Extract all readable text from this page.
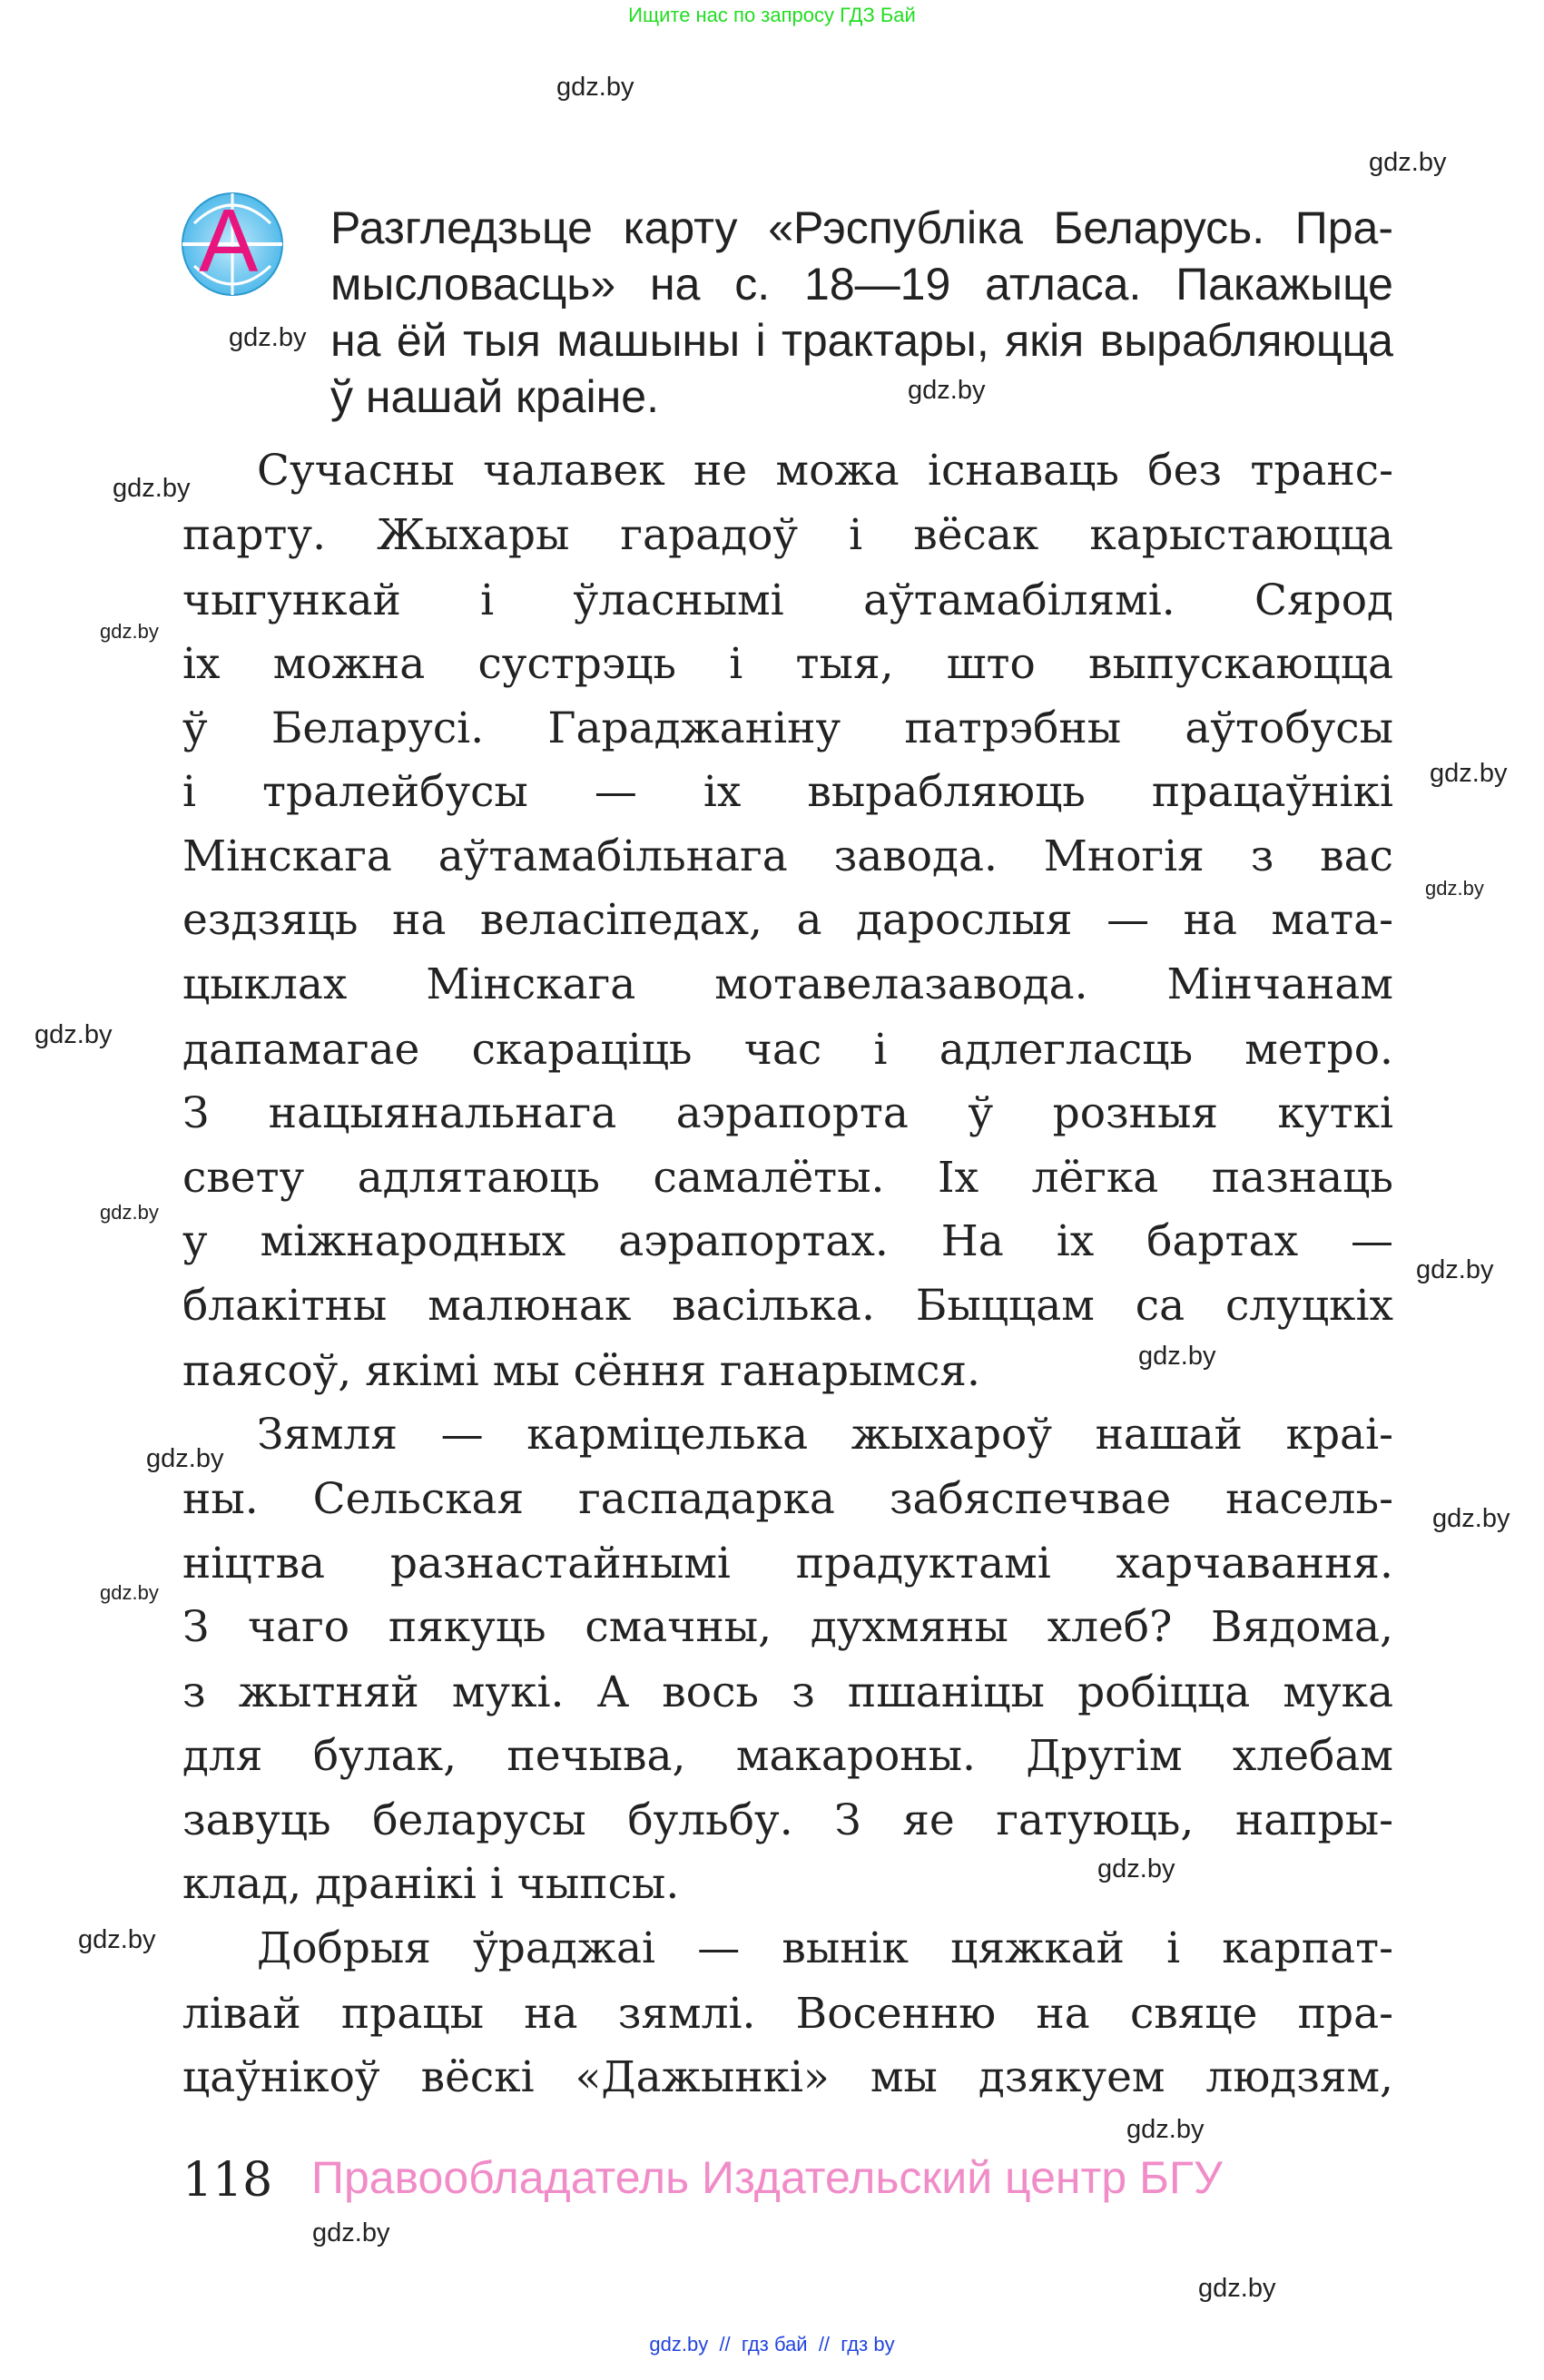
Ищите нас по запросу ГДЗ Бай
А Разгледзьце карту «Рэспубліка Беларусь. Пра-
мысловасць» на с. 18—19 атласа. Пакажыце
на ёй тыя машыны і трактары, якія вырабляюцца
ў нашай краіне.
Сучасны чалавек не можа існаваць без транс-
парту. Жыхары гарадоў і вёсак карыстаюцца
чыгункай і ўласнымі аўтамабілямі. Сярод
іх можна сустрэць і тыя, што выпускаюцца
ў Беларусі. Гараджаніну патрэбны аўтобусы
і тралейбусы — іх вырабляюць працаўнікі
Мінскага аўтамабільнага завода. Многія з вас
ездзяць на веласіпедах, а дарослыя — на мата-
цыклах Мінскага мотавелазавода. Мінчанам
дапамагае скараціць час і адлегласць метро.
З нацыянальнага аэрапорта ў розныя куткі
свету адлятаюць самалёты. Іх лёгка пазнаць
у міжнародных аэрапортах. На іх бартах —
блакітны малюнак васілька. Быццам са слуцкіх
паясоў, якімі мы сёння ганарымся.
Зямля — карміцелька жыхароў нашай краі-
ны. Сельская гаспадарка забяспечвае насель-
ніцтва разнастайнымі прадуктамі харчавання.
З чаго пякуць смачны, духмяны хлеб? Вядома,
з жытняй мукі. А вось з пшаніцы робіцца мука
для булак, печыва, макароны. Другім хлебам
завуць беларусы бульбу. З яе гатуюць, напры-
клад, дранікі і чыпсы.
Добрыя ўраджаі — вынік цяжкай і карпат-
лівай працы на зямлі. Восенню на свяце пра-
цаўнікоў вёскі «Дажынкі» мы дзякуем людзям,
118 Правообладатель Издательский центр БГУ
gdz.by  //  гдз бай  //  гдз by
gdz.by
gdz.by
gdz.by
gdz.by
gdz.by
gdz.by
gdz.by
gdz.by
gdz.by
gdz.by
gdz.by
gdz.by
gdz.by
gdz.by
gdz.by
gdz.by
gdz.by
gdz.by
gdz.by
gdz.by
